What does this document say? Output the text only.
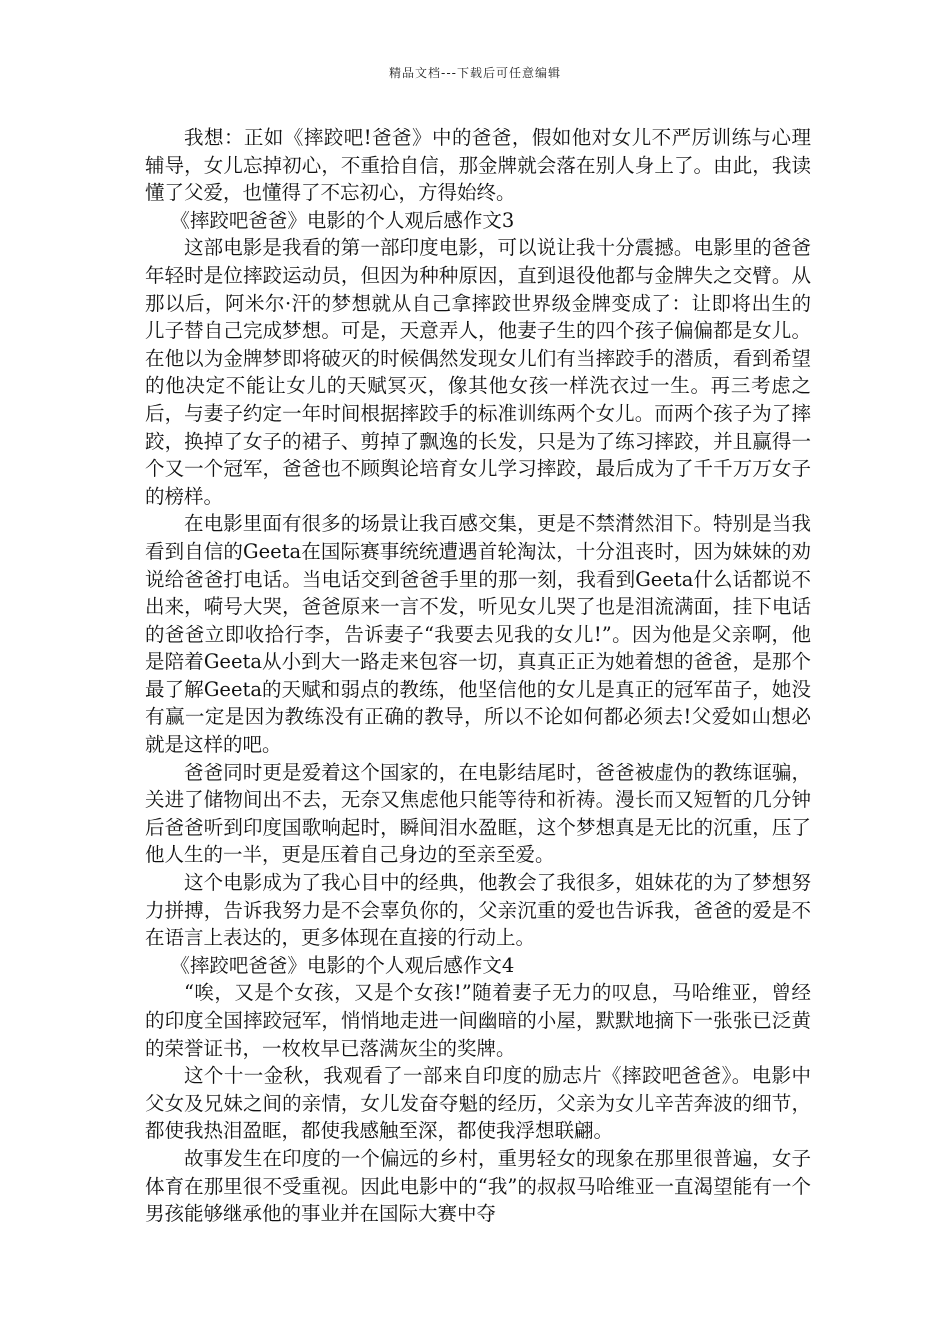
精品文档---下载后可任意编辑

我想：正如《摔跤吧!爸爸》中的爸爸，假如他对女儿不严厉训练与心理辅导，女儿忘掉初心，不重拾自信，那金牌就会落在别人身上了。由此，我读懂了父爱，也懂得了不忘初心，方得始终。

《摔跤吧爸爸》电影的个人观后感作文3

这部电影是我看的第一部印度电影，可以说让我十分震撼。电影里的爸爸年轻时是位摔跤运动员，但因为种种原因，直到退役他都与金牌失之交臂。从那以后，阿米尔·汗的梦想就从自己拿摔跤世界级金牌变成了：让即将出生的儿子替自己完成梦想。可是，天意弄人，他妻子生的四个孩子偏偏都是女儿。在他以为金牌梦即将破灭的时候偶然发现女儿们有当摔跤手的潜质，看到希望的他决定不能让女儿的天赋冥灭，像其他女孩一样洗衣过一生。再三考虑之后，与妻子约定一年时间根据摔跤手的标准训练两个女儿。而两个孩子为了摔跤，换掉了女子的裙子、剪掉了飘逸的长发，只是为了练习摔跤，并且赢得一个又一个冠军，爸爸也不顾舆论培育女儿学习摔跤，最后成为了千千万万女子的榜样。

在电影里面有很多的场景让我百感交集，更是不禁潸然泪下。特别是当我看到自信的Geeta在国际赛事统统遭遇首轮淘汰，十分沮丧时，因为妹妹的劝说给爸爸打电话。当电话交到爸爸手里的那一刻，我看到Geeta什么话都说不出来，嗬号大哭，爸爸原来一言不发，听见女儿哭了也是泪流满面，挂下电话的爸爸立即收拾行李，告诉妻子“我要去见我的女儿!”。因为他是父亲啊，他是陪着Geeta从小到大一路走来包容一切，真真正正为她着想的爸爸，是那个最了解Geeta的天赋和弱点的教练，他坚信他的女儿是真正的冠军苗子，她没有赢一定是因为教练没有正确的教导，所以不论如何都必须去!父爱如山想必就是这样的吧。

爸爸同时更是爱着这个国家的，在电影结尾时，爸爸被虚伪的教练诓骗，关进了储物间出不去，无奈又焦虑他只能等待和祈祷。漫长而又短暂的几分钟后爸爸听到印度国歌响起时，瞬间泪水盈眶，这个梦想真是无比的沉重，压了他人生的一半，更是压着自己身边的至亲至爱。

这个电影成为了我心目中的经典，他教会了我很多，姐妹花的为了梦想努力拼搏，告诉我努力是不会辜负你的，父亲沉重的爱也告诉我，爸爸的爱是不在语言上表达的，更多体现在直接的行动上。

《摔跤吧爸爸》电影的个人观后感作文4

“唉，又是个女孩，又是个女孩!”随着妻子无力的叹息，马哈维亚，曾经的印度全国摔跤冠军，悄悄地走进一间幽暗的小屋，默默地摘下一张张已泛黄的荣誉证书，一枚枚早已落满灰尘的奖牌。

这个十一金秋，我观看了一部来自印度的励志片《摔跤吧爸爸》。电影中父女及兄妹之间的亲情，女儿发奋夺魁的经历，父亲为女儿辛苦奔波的细节，都使我热泪盈眶，都使我感触至深，都使我浮想联翩。

故事发生在印度的一个偏远的乡村，重男轻女的现象在那里很普遍，女子体育在那里很不受重视。因此电影中的“我”的叔叔马哈维亚一直渴望能有一个男孩能够继承他的事业并在国际大赛中夺
